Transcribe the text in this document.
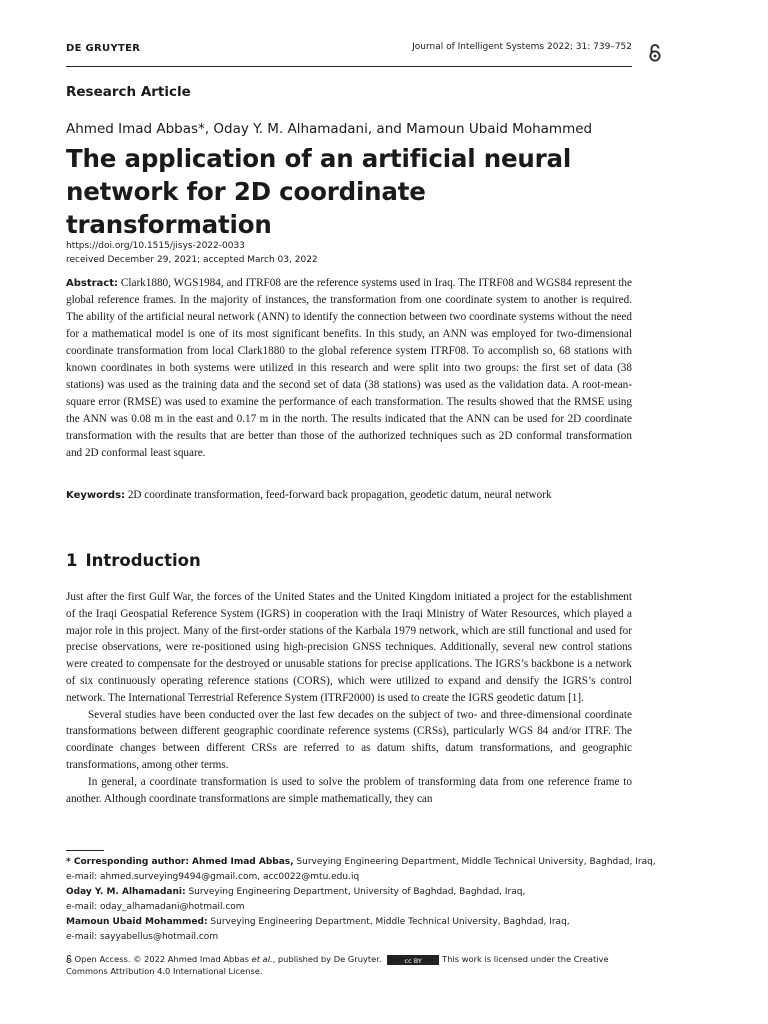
DE GRUYTER	Journal of Intelligent Systems 2022; 31: 739–752
Research Article
Ahmed Imad Abbas*, Oday Y. M. Alhamadani, and Mamoun Ubaid Mohammed
The application of an artificial neural network for 2D coordinate transformation
https://doi.org/10.1515/jisys-2022-0033
received December 29, 2021; accepted March 03, 2022

Abstract: Clark1880, WGS1984, and ITRF08 are the reference systems used in Iraq. The ITRF08 and WGS84 represent the global reference frames. In the majority of instances, the transformation from one coordinate system to another is required. The ability of the artificial neural network (ANN) to identify the connection between two coordinate systems without the need for a mathematical model is one of its most significant benefits. In this study, an ANN was employed for two-dimensional coordinate transformation from local Clark1880 to the global reference system ITRF08. To accomplish so, 68 stations with known coordinates in both systems were utilized in this research and were split into two groups: the first set of data (38 stations) was used as the training data and the second set of data (38 stations) was used as the validation data. A root-mean-square error (RMSE) was used to examine the performance of each transformation. The results showed that the RMSE using the ANN was 0.08 m in the east and 0.17 m in the north. The results indicated that the ANN can be used for 2D coordinate transformation with the results that are better than those of the authorized techniques such as 2D conformal transformation and 2D conformal least square.

Keywords: 2D coordinate transformation, feed-forward back propagation, geodetic datum, neural network

1 Introduction

Just after the first Gulf War, the forces of the United States and the United Kingdom initiated a project for the establishment of the Iraqi Geospatial Reference System (IGRS) in cooperation with the Iraqi Ministry of Water Resources, which played a major role in this project. Many of the first-order stations of the Karbala 1979 network, which are still functional and used for precise observations, were re-positioned using high-precision GNSS techniques. Additionally, several new control stations were created to compensate for the destroyed or unusable stations for precise applications. The IGRS’s backbone is a network of six continuously operating reference stations (CORS), which were utilized to expand and densify the IGRS’s control network. The International Terrestrial Reference System (ITRF2000) is used to create the IGRS geodetic datum [1].

Several studies have been conducted over the last few decades on the subject of two- and three-dimensional coordinate transformations between different geographic coordinate reference systems (CRSs), particularly WGS 84 and/or ITRF. The coordinate changes between different CRSs are referred to as datum shifts, datum transformations, and geographic transformations, among other terms.

In general, a coordinate transformation is used to solve the problem of transforming data from one reference frame to another. Although coordinate transformations are simple mathematically, they can

* Corresponding author: Ahmed Imad Abbas, Surveying Engineering Department, Middle Technical University, Baghdad, Iraq,
e-mail: ahmed.surveying9494@gmail.com, acc0022@mtu.edu.iq
Oday Y. M. Alhamadani: Surveying Engineering Department, University of Baghdad, Baghdad, Iraq,
e-mail: oday_alhamadani@hotmail.com
Mamoun Ubaid Mohammed: Surveying Engineering Department, Middle Technical University, Baghdad, Iraq,
e-mail: sayyabellus@hotmail.com
Open Access. © 2022 Ahmed Imad Abbas et al., published by De Gruyter.	cc BY This work is licensed under the Creative Commons Attribution 4.0 International License.
